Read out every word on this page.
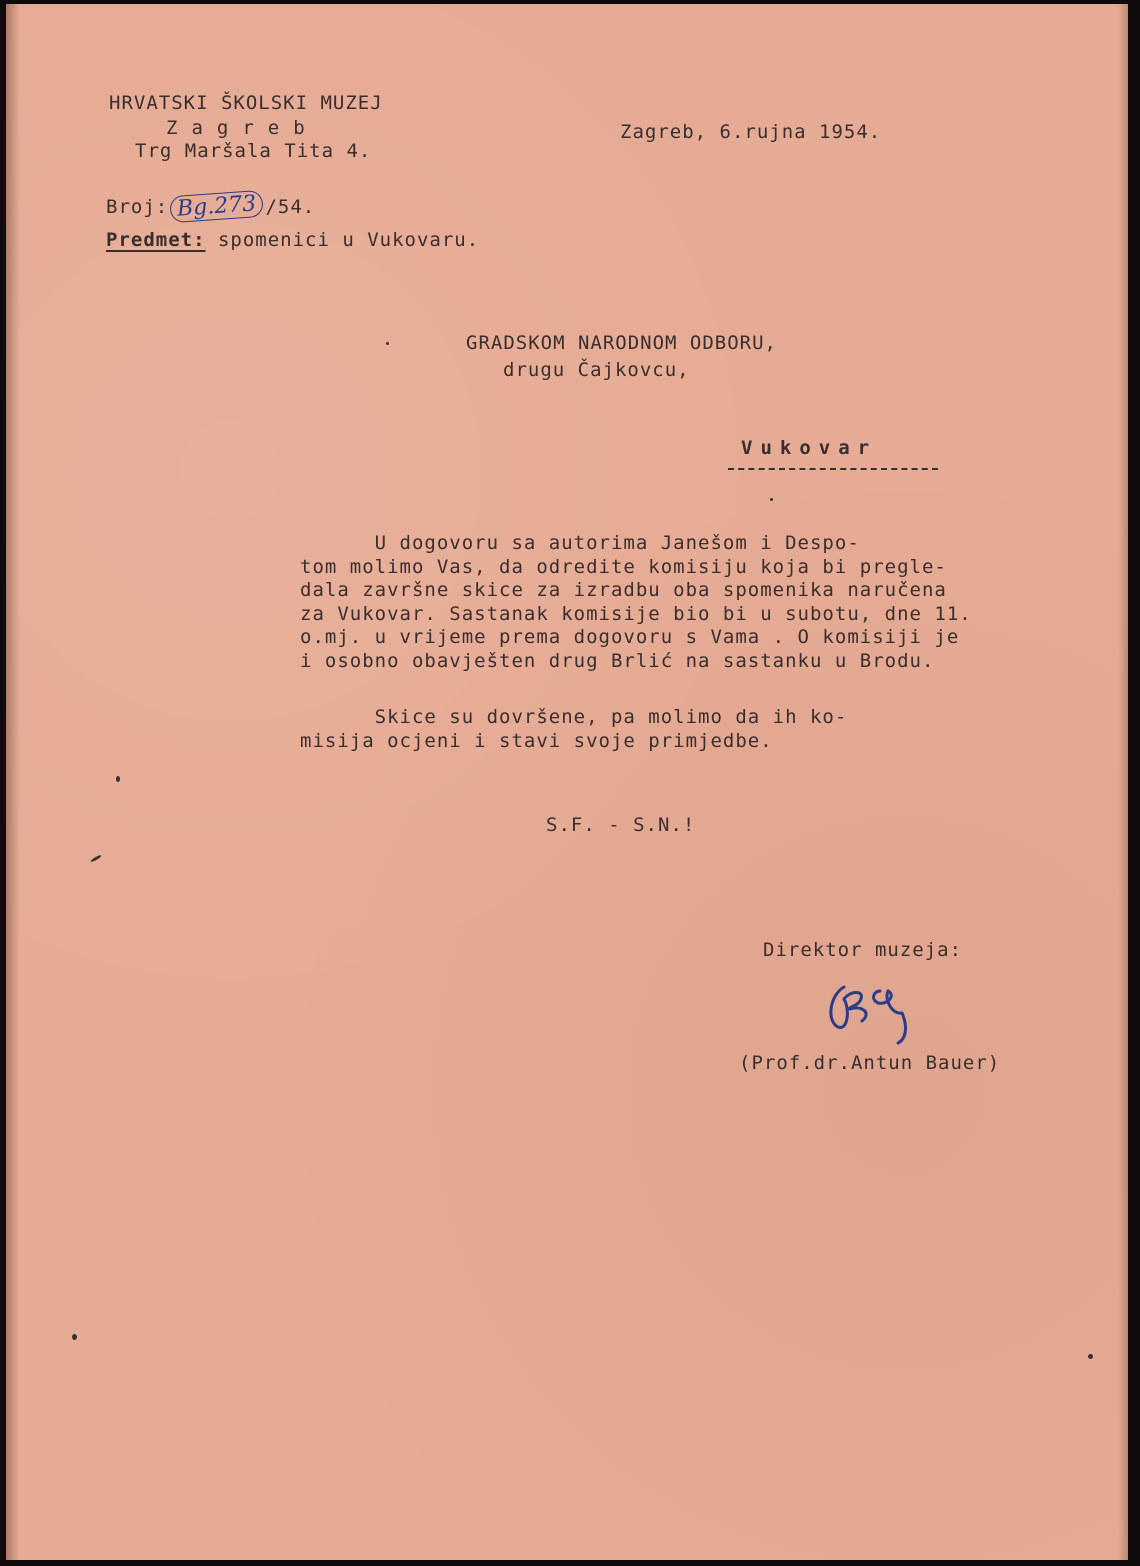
HRVATSKI ŠKOLSKI MUZEJ
Zagreb
Trg Maršala Tita 4.
Zagreb, 6.rujna 1954.
Broj: Bg.273 /54.
Predmet: spomenici u Vukovaru.
GRADSKOM NARODNOM ODBORU,
drugu Čajkovcu,
Vukovar
U dogovoru sa autorima Janešom i Despo-
tom molimo Vas, da odredite komisiju koja bi pregle-
dala završne skice za izradbu oba spomenika naručena
za Vukovar. Sastanak komisije bio bi u subotu, dne 11.
o.mj. u vrijeme prema dogovoru s Vama . O komisiji je
i osobno obavješten drug Brlić na sastanku u Brodu.
Skice su dovršene, pa molimo da ih ko-
misija ocjeni i stavi svoje primjedbe.
S.F. - S.N.!
Direktor muzeja:
(Prof.dr.Antun Bauer)
